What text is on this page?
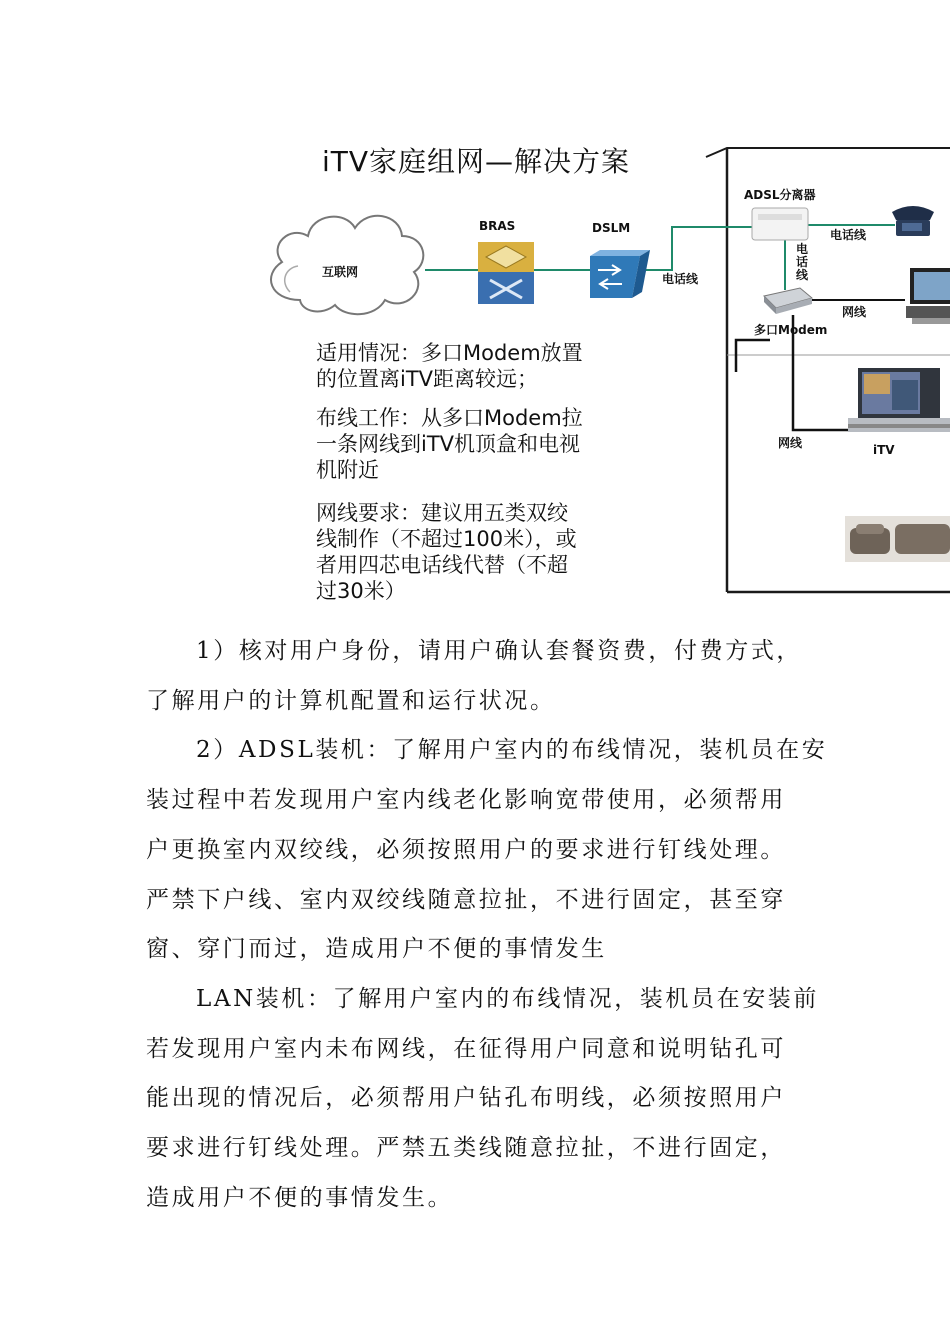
iTV家庭组网—解决方案
互联网
BRAS	DSLM
电话线
ADSL分离器
电话线
电
话
线
多口Modem
网线
网线	iTV
适用情况：多口Modem放置
的位置离iTV距离较远；
布线工作：从多口Modem拉
一条网线到iTV机顶盒和电视
机附近
网线要求：建议用五类双绞
线制作（不超过100米），或
者用四芯电话线代替（不超
过30米）

1）核对用户身份，请用户确认套餐资费，付费方式，

了解用户的计算机配置和运行状况。

2）ADSL装机：了解用户室内的布线情况，装机员在安

装过程中若发现用户室内线老化影响宽带使用，必须帮用

户更换室内双绞线，必须按照用户的要求进行钉线处理。

严禁下户线、室内双绞线随意拉扯，不进行固定，甚至穿

窗、穿门而过，造成用户不便的事情发生

LAN装机：了解用户室内的布线情况，装机员在安装前

若发现用户室内未布网线，在征得用户同意和说明钻孔可

能出现的情况后，必须帮用户钻孔布明线，必须按照用户

要求进行钉线处理。严禁五类线随意拉扯，不进行固定，

造成用户不便的事情发生。
